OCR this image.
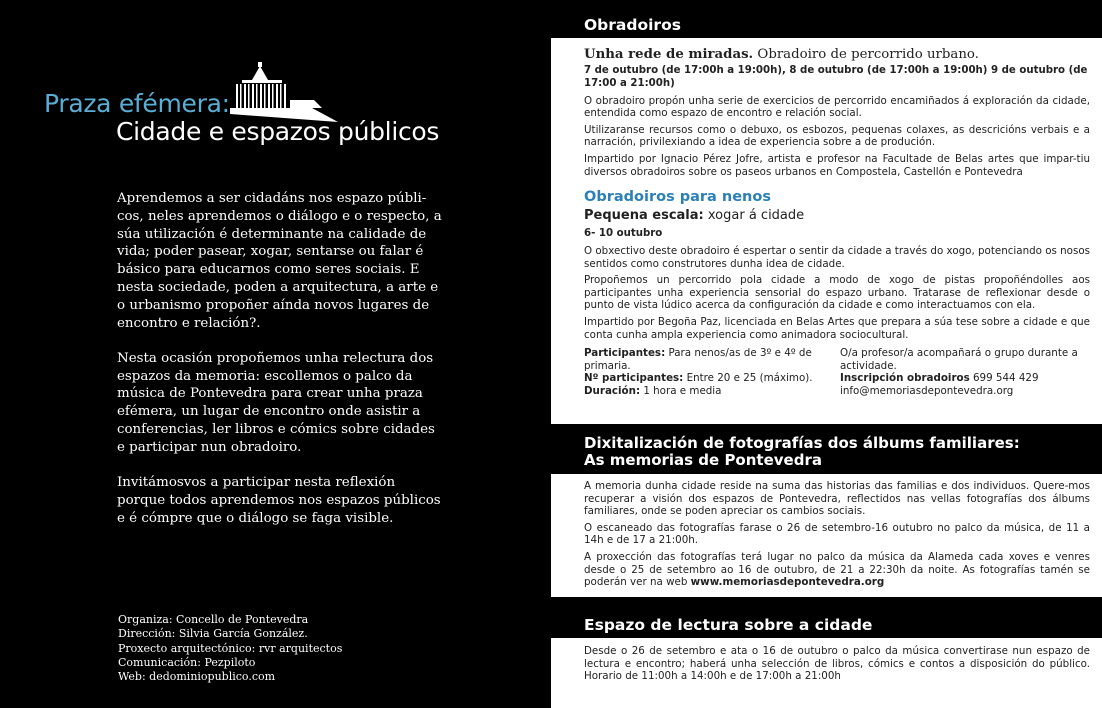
Praza efémera:
Cidade e espazos públicos

Aprendemos a ser cidadáns nos espazo públi-cos, neles aprendemos o diálogo e o respecto, a súa utilización é determinante na calidade de vida; poder pasear, xogar, sentarse ou falar é básico para educarnos como seres sociais. E nesta sociedade, poden a arquitectura, a arte e o urbanismo propoñer aínda novos lugares de encontro e relación?.

Nesta ocasión propoñemos unha relectura dos espazos da memoria: escollemos o palco da música de Pontevedra para crear unha praza efémera, un lugar de encontro onde asistir a conferencias, ler libros e cómics sobre cidades e participar nun obradoiro.

Invitámosvos a participar nesta reflexión porque todos aprendemos nos espazos públicos e é cómpre que o diálogo se faga visible.

Organiza: Concello de Pontevedra
Dirección: Silvia García González.
Proxecto arquitectónico: rvr arquitectos
Comunicación: Pezpiloto
Web: dedominiopublico.com
Obradoiros
Unha rede de miradas. Obradoiro de percorrido urbano.
7 de outubro (de 17:00h a 19:00h), 8 de outubro (de 17:00h a 19:00h) 9 de outubro (de 17:00 a 21:00h)

O obradoiro propón unha serie de exercicios de percorrido encamiñados á exploración da cidade, entendida como espazo de encontro e relación social.

Utilizaranse recursos como o debuxo, os esbozos, pequenas colaxes, as descricións verbais e a narración, privilexiando a idea de experiencia sobre a de produción.

Impartido por Ignacio Pérez Jofre, artista e profesor na Facultade de Belas artes que impar-tiu diversos obradoiros sobre os paseos urbanos en Compostela, Castellón e Pontevedra

Obradoiros para nenos
Pequena escala: xogar á cidade
6- 10 outubro

O obxectivo deste obradoiro é espertar o sentir da cidade a través do xogo, potenciando os nosos sentidos como construtores dunha idea de cidade.

Propoñemos un percorrido pola cidade a modo de xogo de pistas propoñéndolles aos participantes unha experiencia sensorial do espazo urbano. Tratarase de reflexionar desde o punto de vista lúdico acerca da configuración da cidade e como interactuamos con ela.

Impartido por Begoña Paz, licenciada en Belas Artes que prepara a súa tese sobre a cidade e que conta cunha ampla experiencia como animadora sociocultural.

Participantes: Para nenos/as de 3º e 4º de primaria.
Nº participantes: Entre 20 e 25 (máximo).
Duración: 1 hora e media
O/a profesor/a acompañará o grupo durante a actividade.
Inscripción obradoiros 699 544 429
info@memoriasdepontevedra.org
Dixitalización de fotografías dos álbums familiares:
As memorias de Pontevedra

A memoria dunha cidade reside na suma das historias das familias e dos individuos. Quere-mos recuperar a visión dos espazos de Pontevedra, reflectidos nas vellas fotografías dos álbums familiares, onde se poden apreciar os cambios sociais.

O escaneado das fotografías farase o 26 de setembro-16 outubro no palco da música, de 11 a 14h e de 17 a 21:00h.

A proxección das fotografías terá lugar no palco da música da Alameda cada xoves e venres desde o 25 de setembro ao 16 de outubro, de 21 a 22:30h da noite. As fotografías tamén se poderán ver na web www.memoriasdepontevedra.org

Espazo de lectura sobre a cidade

Desde o 26 de setembro e ata o 16 de outubro o palco da música convertirase nun espazo de lectura e encontro; haberá unha selección de libros, cómics e contos a disposición do público. Horario de 11:00h a 14:00h e de 17:00h a 21:00h
